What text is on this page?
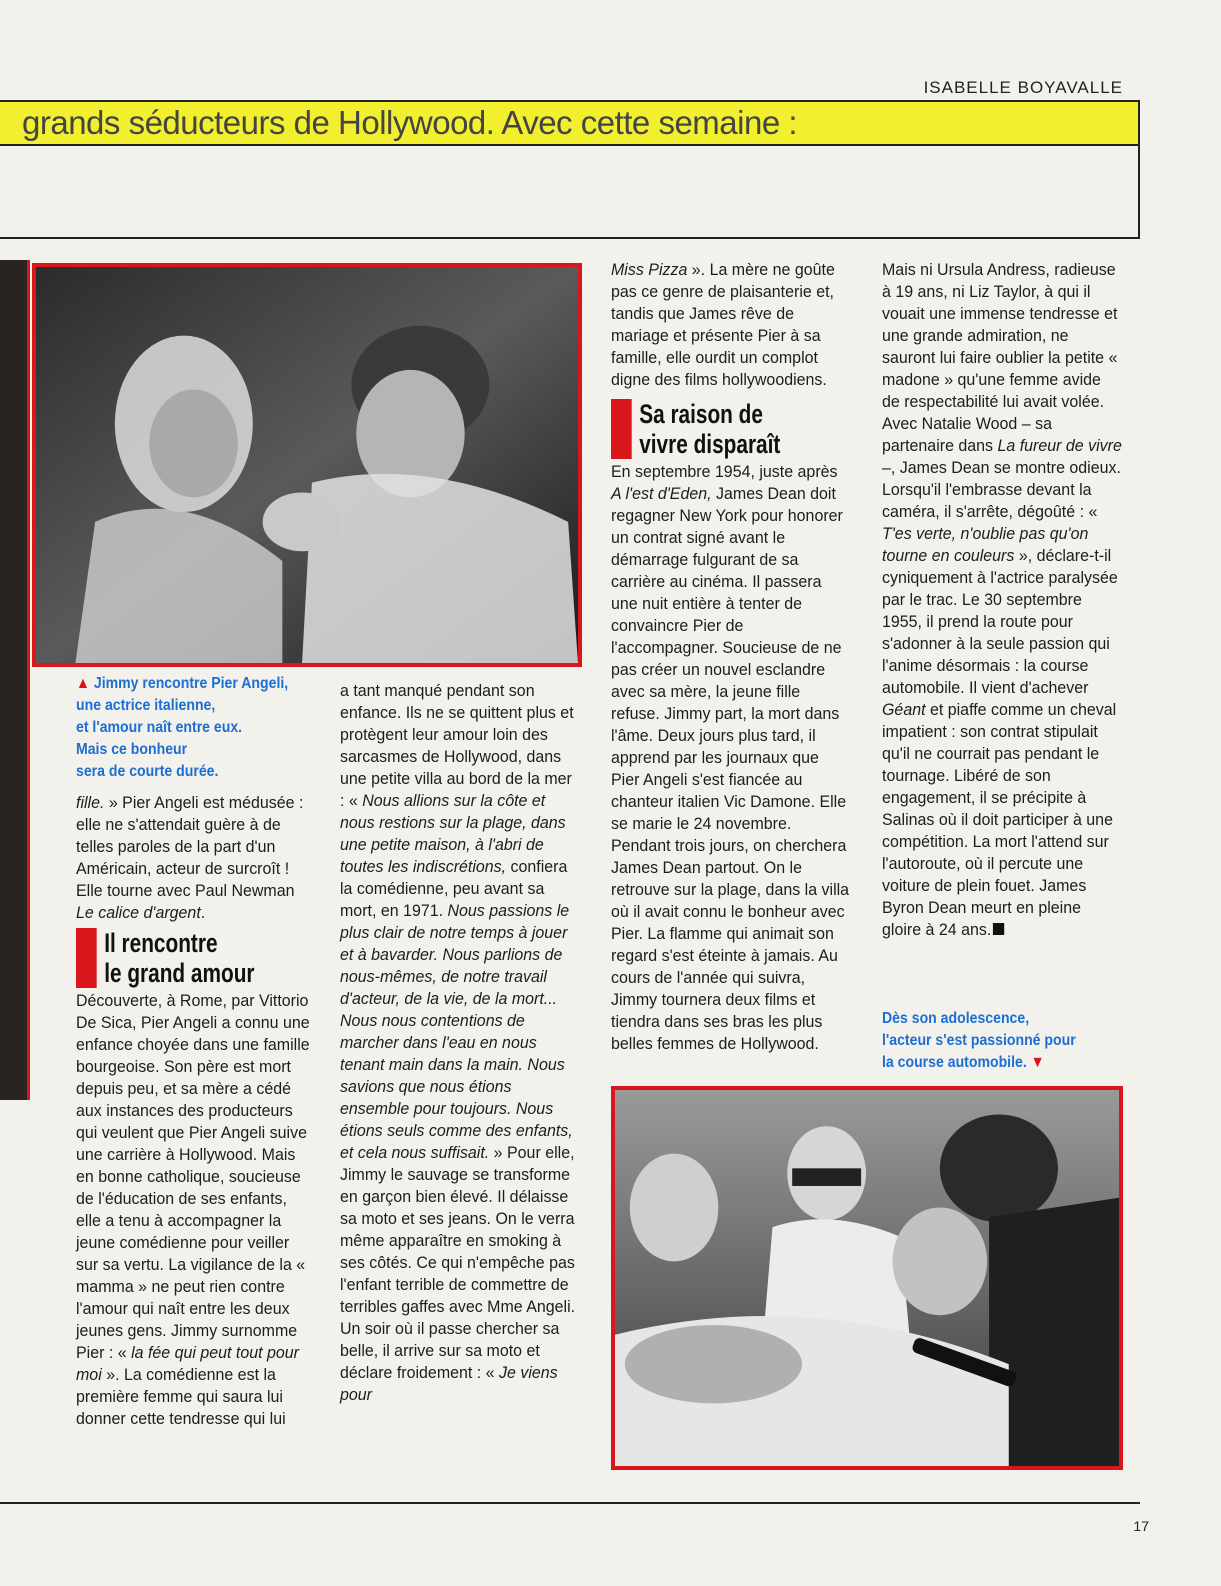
ISABELLE BOYAVALLE
grands séducteurs de Hollywood. Avec cette semaine :
▲ Jimmy rencontre Pier Angeli,
une actrice italienne,
et l'amour naît entre eux.
Mais ce bonheur
sera de courte durée.

fille. » Pier Angeli est médusée : elle ne s'attendait guère à de telles paroles de la part d'un Américain, acteur de surcroît ! Elle tourne avec Paul Newman Le calice d'argent.

Il rencontre
le grand amour

Découverte, à Rome, par Vittorio De Sica, Pier Angeli a connu une enfance choyée dans une famille bourgeoise. Son père est mort depuis peu, et sa mère a cédé aux instances des producteurs qui veulent que Pier Angeli suive une carrière à Hollywood. Mais en bonne catholique, soucieuse de l'éducation de ses enfants, elle a tenu à accompagner la jeune comédienne pour veiller sur sa vertu. La vigilance de la « mamma » ne peut rien contre l'amour qui naît entre les deux jeunes gens. Jimmy surnomme Pier : « la fée qui peut tout pour moi ». La comédienne est la première femme qui saura lui donner cette tendresse qui lui

a tant manqué pendant son enfance. Ils ne se quittent plus et protègent leur amour loin des sarcasmes de Hollywood, dans une petite villa au bord de la mer : « Nous allions sur la côte et nous restions sur la plage, dans une petite maison, à l'abri de toutes les indiscrétions, confiera la comédienne, peu avant sa mort, en 1971. Nous passions le plus clair de notre temps à jouer et à bavarder. Nous parlions de nous-mêmes, de notre travail d'acteur, de la vie, de la mort... Nous nous contentions de marcher dans l'eau en nous tenant main dans la main. Nous savions que nous étions ensemble pour toujours. Nous étions seuls comme des enfants, et cela nous suffisait. » Pour elle, Jimmy le sauvage se transforme en garçon bien élevé. Il délaisse sa moto et ses jeans. On le verra même apparaître en smoking à ses côtés. Ce qui n'empêche pas l'enfant terrible de commettre de terribles gaffes avec Mme Angeli. Un soir où il passe chercher sa belle, il arrive sur sa moto et déclare froidement : « Je viens pour

Miss Pizza ». La mère ne goûte pas ce genre de plaisanterie et, tandis que James rêve de mariage et présente Pier à sa famille, elle ourdit un complot digne des films hollywoodiens.

Sa raison de
vivre disparaît

En septembre 1954, juste après A l'est d'Eden, James Dean doit regagner New York pour honorer un contrat signé avant le démarrage fulgurant de sa carrière au cinéma. Il passera une nuit entière à tenter de convaincre Pier de l'accompagner. Soucieuse de ne pas créer un nouvel esclandre avec sa mère, la jeune fille refuse. Jimmy part, la mort dans l'âme. Deux jours plus tard, il apprend par les journaux que Pier Angeli s'est fiancée au chanteur italien Vic Damone. Elle se marie le 24 novembre. Pendant trois jours, on cherchera James Dean partout. On le retrouve sur la plage, dans la villa où il avait connu le bonheur avec Pier. La flamme qui animait son regard s'est éteinte à jamais. Au cours de l'année qui suivra, Jimmy tournera deux films et tiendra dans ses bras les plus belles femmes de Hollywood.

Mais ni Ursula Andress, radieuse à 19 ans, ni Liz Taylor, à qui il vouait une immense tendresse et une grande admiration, ne sauront lui faire oublier la petite « madone » qu'une femme avide de respectabilité lui avait volée. Avec Natalie Wood – sa partenaire dans La fureur de vivre –, James Dean se montre odieux. Lorsqu'il l'embrasse devant la caméra, il s'arrête, dégoûté : « T'es verte, n'oublie pas qu'on tourne en couleurs », déclare-t-il cyniquement à l'actrice paralysée par le trac. Le 30 septembre 1955, il prend la route pour s'adonner à la seule passion qui l'anime désormais : la course automobile. Il vient d'achever Géant et piaffe comme un cheval impatient : son contrat stipulait qu'il ne courrait pas pendant le tournage. Libéré de son engagement, il se précipite à Salinas où il doit participer à une compétition. La mort l'attend sur l'autoroute, où il percute une voiture de plein fouet. James Byron Dean meurt en pleine gloire à 24 ans.

Dès son adolescence,
l'acteur s'est passionné pour
la course automobile. ▼
17
